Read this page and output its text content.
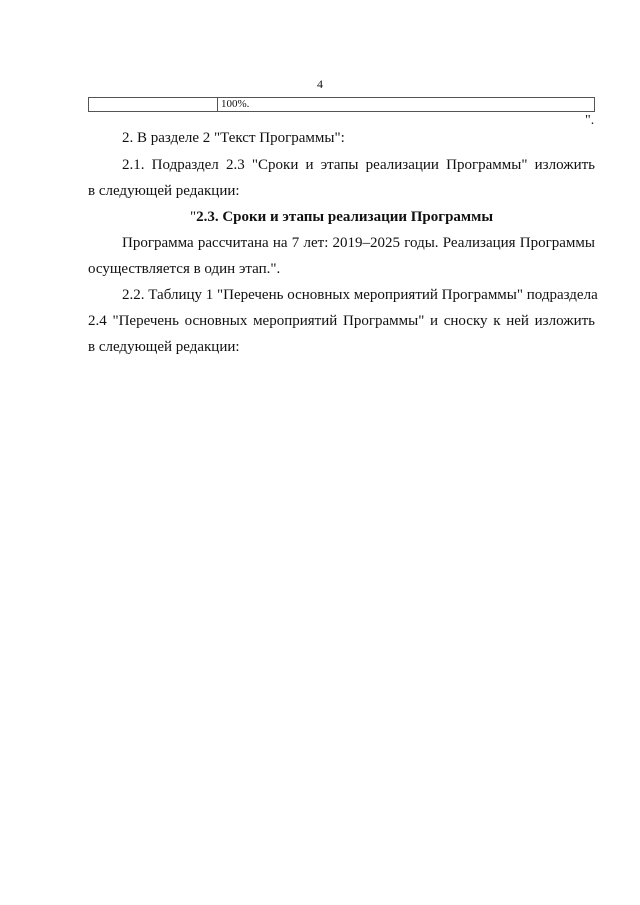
4
	100%.
".
2. В разделе 2 "Текст Программы":
2.1. Подраздел 2.3 "Сроки и этапы реализации Программы" изложить
в следующей редакции:
"2.3. Сроки и этапы реализации Программы
Программа рассчитана на 7 лет: 2019–2025 годы. Реализация Программы
осуществляется в один этап.".
2.2. Таблицу 1 "Перечень основных мероприятий Программы" подраздела
2.4 "Перечень основных мероприятий Программы" и сноску к ней изложить
в следующей редакции:
